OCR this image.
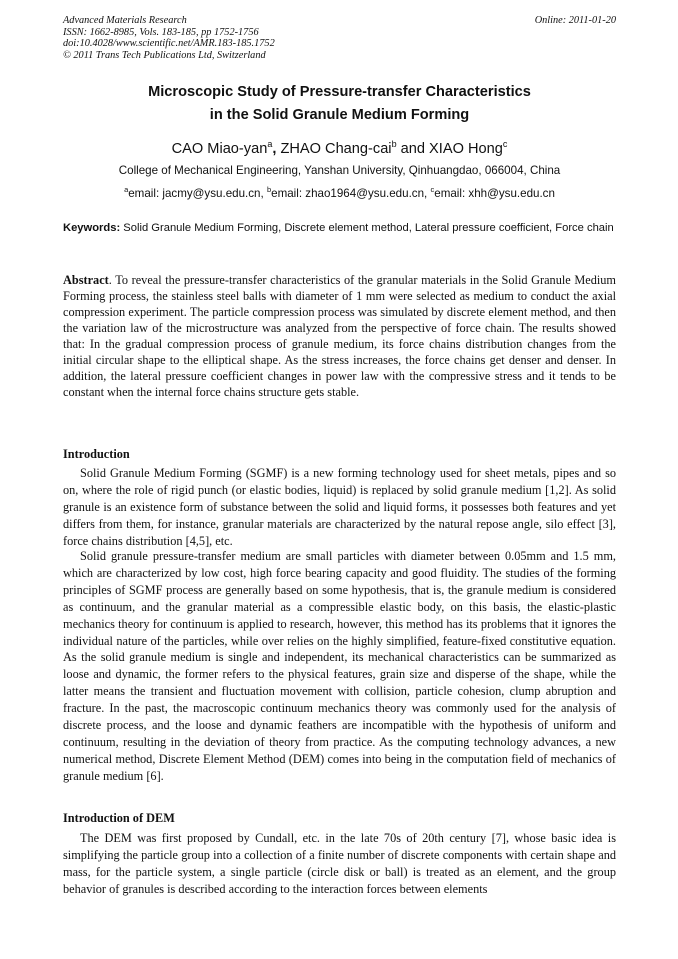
Advanced Materials Research
ISSN: 1662-8985, Vols. 183-185, pp 1752-1756
doi:10.4028/www.scientific.net/AMR.183-185.1752
© 2011 Trans Tech Publications Ltd, Switzerland
Online: 2011-01-20
Microscopic Study of Pressure-transfer Characteristics
in the Solid Granule Medium Forming
CAO Miao-yan$^a$, ZHAO Chang-cai$^b$ and XIAO Hong$^c$
College of Mechanical Engineering, Yanshan University, Qinhuangdao, 066004, China
$^a$email: jacmy@ysu.edu.cn, $^b$email: zhao1964@ysu.edu.cn, $^c$email: xhh@ysu.edu.cn
Keywords: Solid Granule Medium Forming, Discrete element method, Lateral pressure coefficient, Force chain
Abstract. To reveal the pressure-transfer characteristics of the granular materials in the Solid Granule Medium Forming process, the stainless steel balls with diameter of 1 mm were selected as medium to conduct the axial compression experiment. The particle compression process was simulated by discrete element method, and then the variation law of the microstructure was analyzed from the perspective of force chain. The results showed that: In the gradual compression process of granule medium, its force chains distribution changes from the initial circular shape to the elliptical shape. As the stress increases, the force chains get denser and denser. In addition, the lateral pressure coefficient changes in power law with the compressive stress and it tends to be constant when the internal force chains structure gets stable.
Introduction

Solid Granule Medium Forming (SGMF) is a new forming technology used for sheet metals, pipes and so on, where the role of rigid punch (or elastic bodies, liquid) is replaced by solid granule medium [1,2]. As solid granule is an existence form of substance between the solid and liquid forms, it possesses both features and yet differs from them, for instance, granular materials are characterized by the natural repose angle, silo effect [3], force chains distribution [4,5], etc.

Solid granule pressure-transfer medium are small particles with diameter between 0.05mm and 1.5 mm, which are characterized by low cost, high force bearing capacity and good fluidity. The studies of the forming principles of SGMF process are generally based on some hypothesis, that is, the granule medium is considered as continuum, and the granular material as a compressible elastic body, on this basis, the elastic-plastic mechanics theory for continuum is applied to research, however, this method has its problems that it ignores the individual nature of the particles, while over relies on the highly simplified, feature-fixed constitutive equation. As the solid granule medium is single and independent, its mechanical characteristics can be summarized as loose and dynamic, the former refers to the physical features, grain size and disperse of the shape, while the latter means the transient and fluctuation movement with collision, particle cohesion, clump abruption and fracture. In the past, the macroscopic continuum mechanics theory was commonly used for the analysis of discrete process, and the loose and dynamic feathers are incompatible with the hypothesis of uniform and continuum, resulting in the deviation of theory from practice. As the computing technology advances, a new numerical method, Discrete Element Method (DEM) comes into being in the computation field of mechanics of granule medium [6].

Introduction of DEM

The DEM was first proposed by Cundall, etc. in the late 70s of 20th century [7], whose basic idea is simplifying the particle group into a collection of a finite number of discrete components with certain shape and mass, for the particle system, a single particle (circle disk or ball) is treated as an element, and the group behavior of granules is described according to the interaction forces between elements
